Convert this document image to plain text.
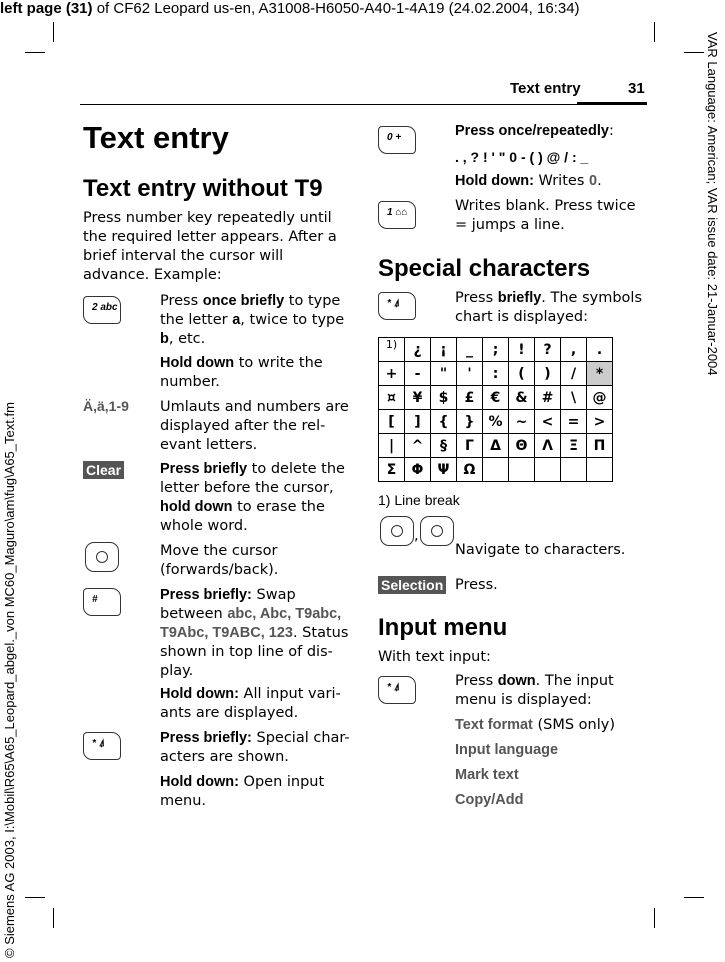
left page (31) of CF62 Leopard us-en, A31008-H6050-A40-1-4A19 (24.02.2004, 16:34)
VAR Language: American; VAR issue date: 21-Januar-2004
© Siemens AG 2003, I:\Mobil\R65\A65_Leopard_abgel._von MC60_Maguro\am\fug\A65_Text.fm
Text entry	31
Text entry
Text entry without T9
Press number key repeatedly until the required letter appears. After a brief interval the cursor will advance. Example:
2 abc	Press once briefly to type the letter a, twice to type b, etc.
Hold down to write the number.
Ä,ä,1-9 Umlauts and numbers are displayed after the rel-evant letters.
Clear	Press briefly to delete the letter before the cursor, hold down to erase the whole word.
Move the cursor (forwards/back).
#	Press briefly: Swap between abc, Abc, T9abc, T9Abc, T9ABC, 123. Status shown in top line of dis-play.
Hold down: All input vari-ants are displayed.
* ⍋	Press briefly: Special char-acters are shown.
Hold down: Open input menu.
0 +	Press once/repeatedly:
. , ? ! ' " 0 - ( ) @ / : _
Hold down: Writes 0.
1 ⌂⌂	Writes blank. Press twice = jumps a line.
Special characters
* ⍋	Press briefly. The symbols chart is displayed:
1)	¿	¡	_	;	!	?	,	.
+	-	"	'	:	(	)	/	*
¤	¥	$	£	€	&	#	\	@
[	]	{	}	%	~	<	=	>
|	^	§	Γ	Δ	Θ	Λ	Ξ	Π
Σ	Φ	Ψ	Ω					
1) Line break
,
Navigate to characters.
Selection Press.
Input menu
With text input:
* ⍋	Press down. The input menu is displayed:
Text format (SMS only)
Input language
Mark text
Copy/Add
